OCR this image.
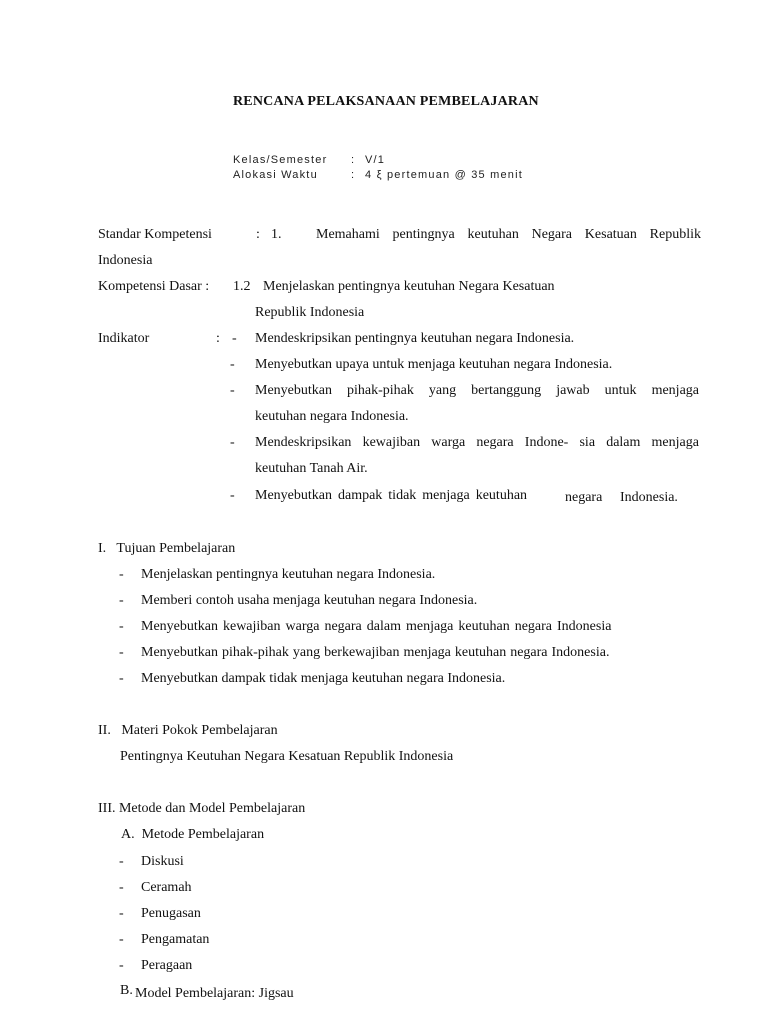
RENCANA PELAKSANAAN PEMBELAJARAN
Kelas/Semester : V/1
Alokasi Waktu	: 4 ξ pertemuan @ 35 menit
Standar Kompetensi	: 1. Memahami pentingnya keutuhan Negara Kesatuan Republik
Indonesia
Kompetensi Dasar : 1.2 Menjelaskan pentingnya keutuhan Negara Kesatuan
Republik Indonesia
Indikator	: - Mendeskripsikan pentingnya keutuhan negara Indonesia.
- Menyebutkan upaya untuk menjaga keutuhan negara Indonesia.
- Menyebutkan pihak-pihak yang bertanggung jawab untuk menjaga
keutuhan negara Indonesia.
- Mendeskripsikan kewajiban warga negara Indone- sia dalam menjaga
keutuhan Tanah Air.
- Menyebutkan dampak tidak menjaga keutuhan	negara Indonesia.
I.   Tujuan Pembelajaran
- Menjelaskan pentingnya keutuhan negara Indonesia.
- Memberi contoh usaha menjaga keutuhan negara Indonesia.
- Menyebutkan kewajiban warga negara dalam menjaga keutuhan negara Indonesia
- Menyebutkan pihak-pihak yang berkewajiban menjaga keutuhan negara Indonesia.
- Menyebutkan dampak tidak menjaga keutuhan negara Indonesia.
II.   Materi Pokok Pembelajaran
Pentingnya Keutuhan Negara Kesatuan Republik Indonesia
III. Metode dan Model Pembelajaran
A.  Metode Pembelajaran
- Diskusi
- Ceramah
- Penugasan
- Pengamatan
- Peragaan
B. Model Pembelajaran: Jigsau
